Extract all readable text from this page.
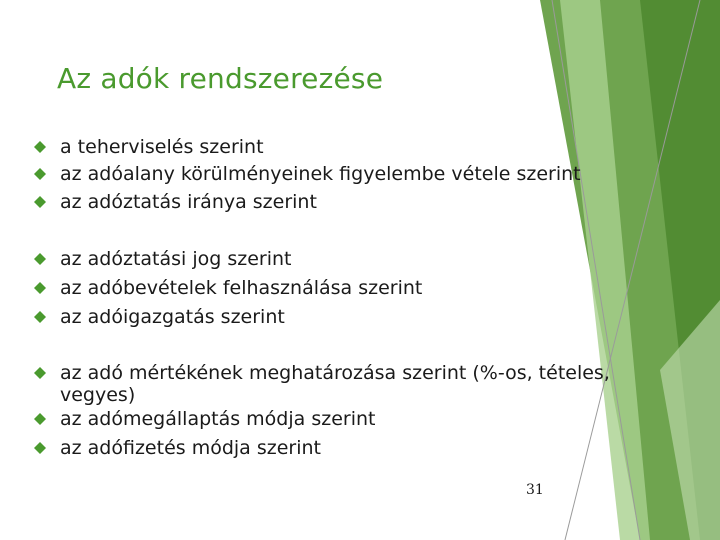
Az adók rendszerezése
a teherviselés szerint
az adóalany körülményeinek figyelembe vétele szerint
az adóztatás iránya szerint
az adóztatási jog szerint
az adóbevételek felhasználása szerint
az adóigazgatás szerint
az adó mértékének meghatározása szerint (%-os, tételes, vegyes)
az adómegállaptás módja szerint
az adófizetés módja szerint
31
